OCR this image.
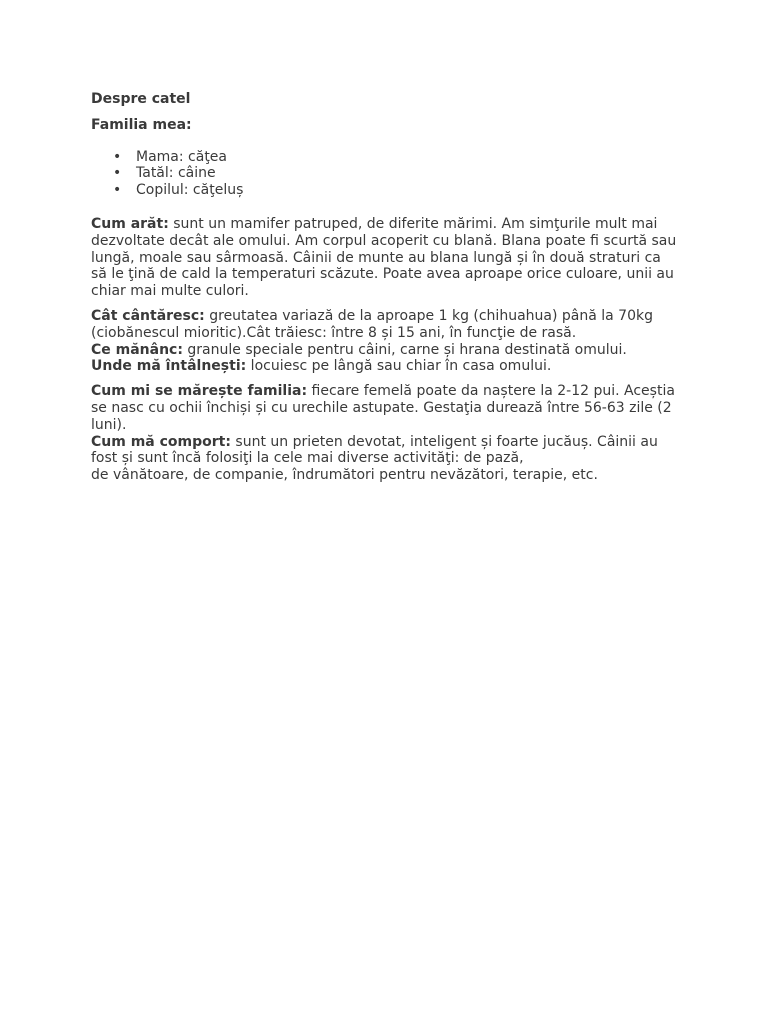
Despre catel
Familia mea:
• Mama: căţea
• Tatăl: câine
• Copilul: căţeluș

Cum arăt: sunt un mamifer patruped, de diferite mărimi. Am simţurile mult mai dezvoltate decât ale omului. Am corpul acoperit cu blană. Blana poate fi scurtă sau lungă, moale sau sârmoasă. Câinii de munte au blana lungă și în două straturi ca să le ţină de cald la temperaturi scăzute. Poate avea aproape orice culoare, unii au chiar mai multe culori.

Cât cântăresc: greutatea variază de la aproape 1 kg (chihuahua) până la 70kg (ciobănescul mioritic).Cât trăiesc: între 8 și 15 ani, în funcţie de rasă.

Ce mănânc: granule speciale pentru câini, carne și hrana destinată omului.

Unde mă întâlnești: locuiesc pe lângă sau chiar în casa omului.

Cum mi se mărește familia: fiecare femelă poate da naștere la 2-12 pui. Aceștia se nasc cu ochii închiși și cu urechile astupate. Gestaţia durează între 56-63 zile (2 luni).

Cum mă comport: sunt un prieten devotat, inteligent și foarte jucăuș. Câinii au fost și sunt încă folosiţi la cele mai diverse activităţi: de pază,
de vânătoare, de companie, îndrumători pentru nevăzători, terapie, etc.
